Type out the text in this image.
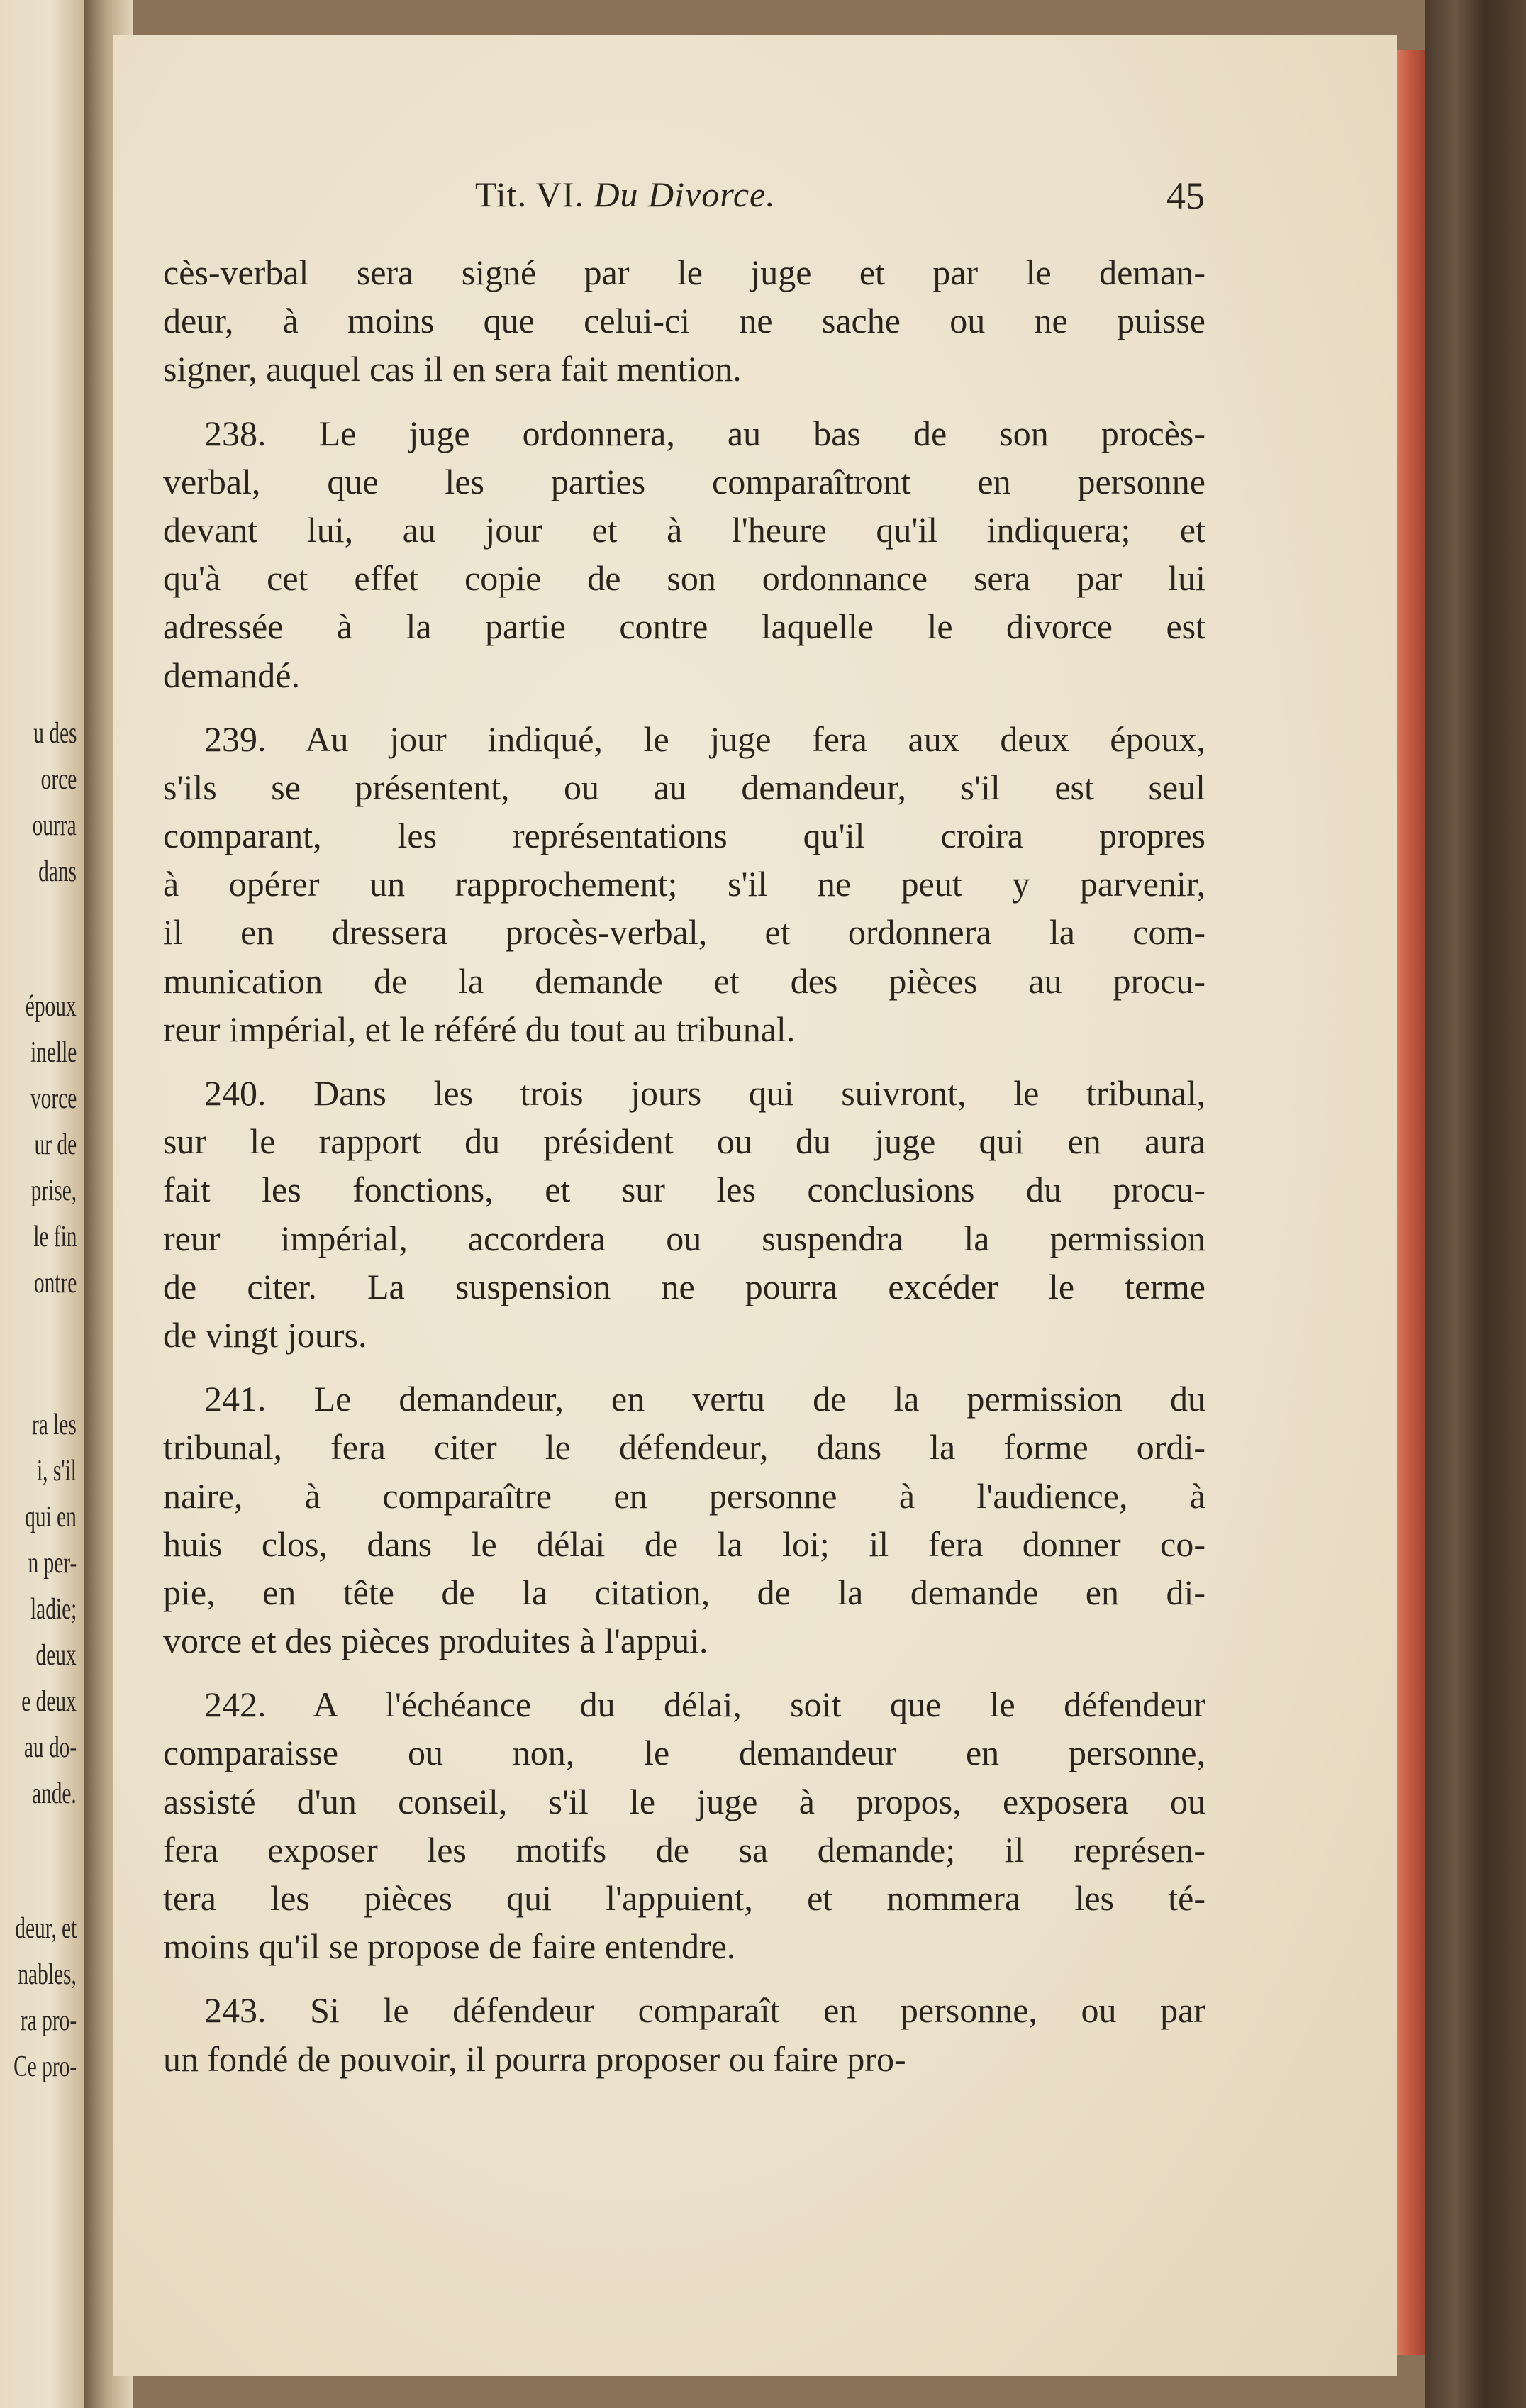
u des
orce
ourra
dans
époux
inelle
vorce
ur de
prise,
le fin
ontre
ra les
i, s'il
qui en
n per-
ladie;
deux
e deux
au do-
ande.
deur, et
nables,
ra pro-
Ce pro-
Tit. VI. Du Divorce.	45
cès-verbal sera signé par le juge et par le deman-
deur, à moins que celui-ci ne sache ou ne puisse
signer, auquel cas il en sera fait mention.
238. Le juge ordonnera, au bas de son procès-
verbal, que les parties comparaîtront en personne
devant lui, au jour et à l'heure qu'il indiquera; et
qu'à cet effet copie de son ordonnance sera par lui
adressée à la partie contre laquelle le divorce est
demandé.
239. Au jour indiqué, le juge fera aux deux époux,
s'ils se présentent, ou au demandeur, s'il est seul
comparant, les représentations qu'il croira propres
à opérer un rapprochement; s'il ne peut y parvenir,
il en dressera procès-verbal, et ordonnera la com-
munication de la demande et des pièces au procu-
reur impérial, et le référé du tout au tribunal.
240. Dans les trois jours qui suivront, le tribunal,
sur le rapport du président ou du juge qui en aura
fait les fonctions, et sur les conclusions du procu-
reur impérial, accordera ou suspendra la permission
de citer. La suspension ne pourra excéder le terme
de vingt jours.
241. Le demandeur, en vertu de la permission du
tribunal, fera citer le défendeur, dans la forme ordi-
naire, à comparaître en personne à l'audience, à
huis clos, dans le délai de la loi; il fera donner co-
pie, en tête de la citation, de la demande en di-
vorce et des pièces produites à l'appui.
242. A l'échéance du délai, soit que le défendeur
comparaisse ou non, le demandeur en personne,
assisté d'un conseil, s'il le juge à propos, exposera ou
fera exposer les motifs de sa demande; il représen-
tera les pièces qui l'appuient, et nommera les té-
moins qu'il se propose de faire entendre.
243. Si le défendeur comparaît en personne, ou par
un fondé de pouvoir, il pourra proposer ou faire pro-
